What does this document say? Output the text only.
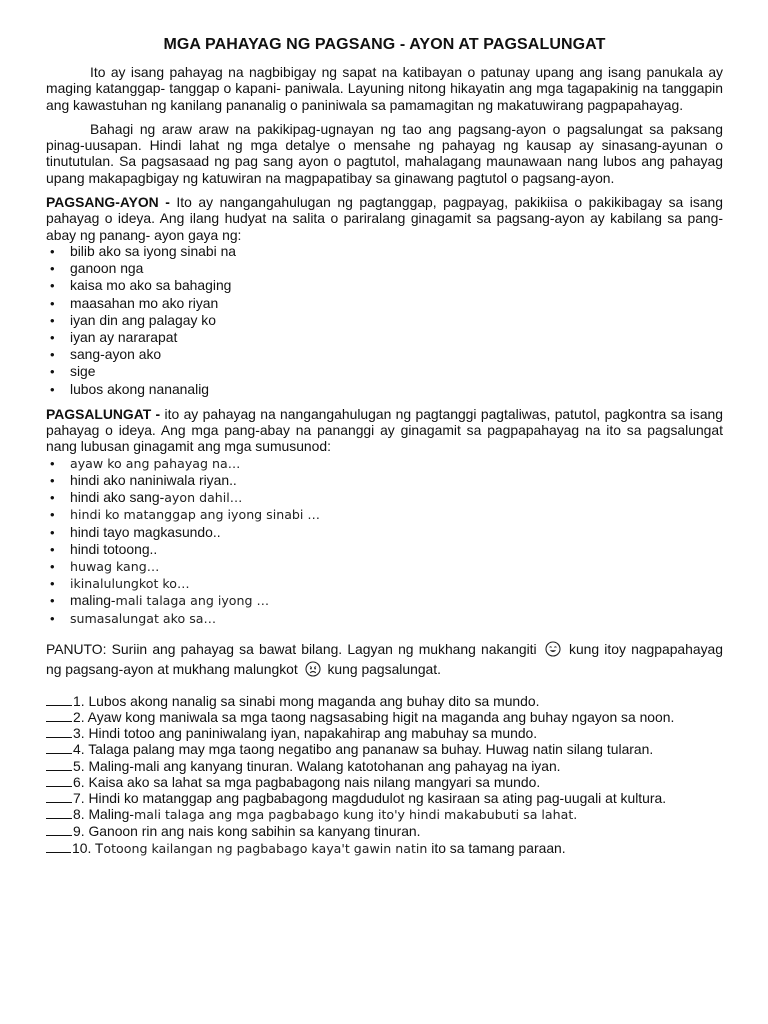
MGA PAHAYAG NG PAGSANG - AYON AT PAGSALUNGAT

Ito ay isang pahayag na nagbibigay ng sapat na katibayan o patunay upang ang isang panukala ay maging katanggap- tanggap o kapani- paniwala. Layuning nitong hikayatin ang mga tagapakinig na tanggapin ang kawastuhan ng kanilang pananalig o paniniwala sa pamamagitan ng makatuwirang pagpapahayag.

Bahagi ng araw araw na pakikipag-ugnayan ng tao ang pagsang-ayon o pagsalungat sa paksang pinag-uusapan. Hindi lahat ng mga detalye o mensahe ng pahayag ng kausap ay sinasang-ayunan o tinututulan. Sa pagsasaad ng pag sang ayon o pagtutol, mahalagang maunawaan nang lubos ang pahayag upang makapagbigay ng katuwiran na magpapatibay sa ginawang pagtutol o pagsang-ayon.

PAGSANG-AYON - Ito ay nangangahulugan ng pagtanggap, pagpayag, pakikiisa o pakikibagay sa isang pahayag o ideya. Ang ilang hudyat na salita o pariralang ginagamit sa pagsang-ayon ay kabilang sa pang-abay ng panang- ayon gaya ng:

• bilib ako sa iyong sinabi na
• ganoon nga
• kaisa mo ako sa bahaging
• maasahan mo ako riyan
• iyan din ang palagay ko
• iyan ay nararapat
• sang-ayon ako
• sige
• lubos akong nananalig

PAGSALUNGAT - ito ay pahayag na nangangahulugan ng pagtanggi pagtaliwas, patutol, pagkontra sa isang pahayag o ideya. Ang mga pang-abay na pananggi ay ginagamit sa pagpapahayag na ito sa pagsalungat nang lubusan ginagamit ang mga sumusunod:

• ayaw ko ang pahayag na…
• hindi ako naniniwala riyan..
• hindi ako sang-ayon dahil…
• hindi ko matanggap ang iyong sinabi …
• hindi tayo magkasundo..
• hindi totoong..
• huwag kang…
• ikinalulungkot ko…
• maling-mali talaga ang iyong …
• sumasalungat ako sa…

PANUTO: Suriin ang pahayag sa bawat bilang. Lagyan ng mukhang nakangiti kung itoy nagpapahayag ng pagsang-ayon at mukhang malungkot kung pagsalungat.

1. Lubos akong nanalig sa sinabi mong maganda ang buhay dito sa mundo.
2. Ayaw kong maniwala sa mga taong nagsasabing higit na maganda ang buhay ngayon sa noon.
3. Hindi totoo ang paniniwalang iyan, napakahirap ang mabuhay sa mundo.
4. Talaga palang may mga taong negatibo ang pananaw sa buhay. Huwag natin silang tularan.
5. Maling-mali ang kanyang tinuran. Walang katotohanan ang pahayag na iyan.
6. Kaisa ako sa lahat sa mga pagbabagong nais nilang mangyari sa mundo.
7. Hindi ko matanggap ang pagbabagong magdudulot ng kasiraan sa ating pag-uugali at kultura.
8. Maling-mali talaga ang mga pagbabago kung ito'y hindi makabubuti sa lahat.
9. Ganoon rin ang nais kong sabihin sa kanyang tinuran.
10. Totoong kailangan ng pagbabago kaya't gawin natin ito sa tamang paraan.
